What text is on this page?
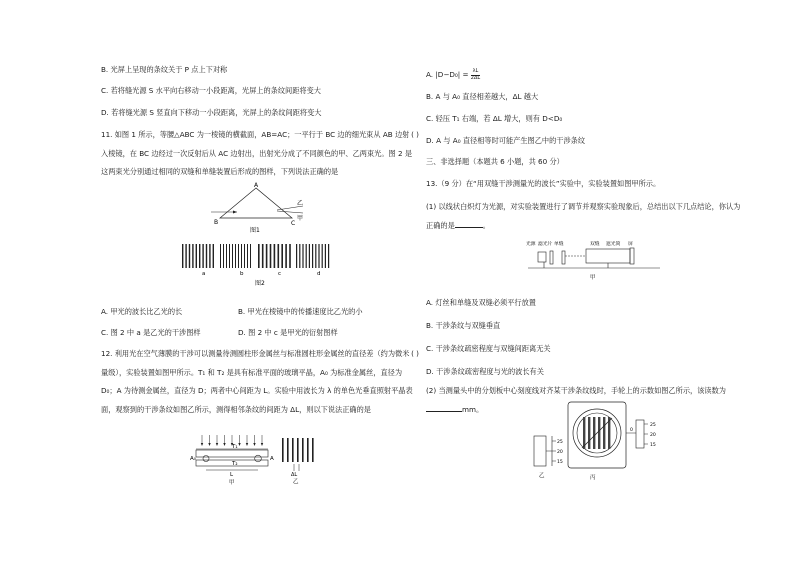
B. 光屏上呈现的条纹关于 P 点上下对称
C. 若将缝光源 S 水平向右移动一小段距离，光屏上的条纹间距将变大
D. 若将缝光源 S 竖直向下移动一小段距离，光屏上的条纹间距将变大
( )
11. 如图 1 所示，等腰△ABC 为一棱镜的横截面，AB=AC；一平行于 BC 边的细光束从 AB 边射入棱镜，在 BC 边经过一次反射后从 AC 边射出，出射光分成了不同颜色的甲、乙两束光。图 2 是这两束光分别通过相同的双缝和单缝装置后形成的图样，下列说法正确的是
A
B	C
乙
甲
图1
a	b	c	d
图2
A. 甲光的波长比乙光的长	B. 甲光在棱镜中的传播速度比乙光的小
C. 图 2 中 a 是乙光的干涉图样	D. 图 2 中 c 是甲光的衍射图样
( )
12. 利用光在空气薄膜的干涉可以测量待测圆柱形金属丝与标准圆柱形金属丝的直径差（约为微米量级），实验装置如图甲所示。T₁ 和 T₂ 是具有标准平面的玻璃平晶，A₀ 为标准金属丝，直径为 D₀；A 为待测金属丝，直径为 D；两者中心间距为 L。实验中用波长为 λ 的单色光垂直照射平晶表面，观察到的干涉条纹如图乙所示，测得相邻条纹的间距为 ΔL，则以下说法正确的是
T₁
T₂
A₀	A
L
甲
ΔL
乙
A. $|D-D_0| = \frac{\lambda L}{2\Delta L}$
B. A 与 A₀ 直径相差越大，ΔL 越大
C. 轻压 T₁ 右端，若 ΔL 增大，则有 D<D₀
D. A 与 A₀ 直径相等时可能产生图乙中的干涉条纹
三、非选择题（本题共 6 小题，共 60 分）
13.（9 分）在“用双缝干涉测量光的波长”实验中，实验装置如图甲所示。
(1) 以线状白炽灯为光源，对实验装置进行了调节并观察实验现象后，总结出以下几点结论，你认为正确的是	。
光源 滤光片 单缝	双缝 遮光筒 屏
甲
A. 灯丝和单缝及双缝必须平行放置
B. 干涉条纹与双缝垂直
C. 干涉条纹疏密程度与双缝间距离无关
D. 干涉条纹疏密程度与光的波长有关
(2) 当测量头中的分划板中心刻度线对齐某干涉条纹线时，手轮上的示数如图乙所示，该读数为mm。
25
20
15
乙
0
25
20
15
丙
